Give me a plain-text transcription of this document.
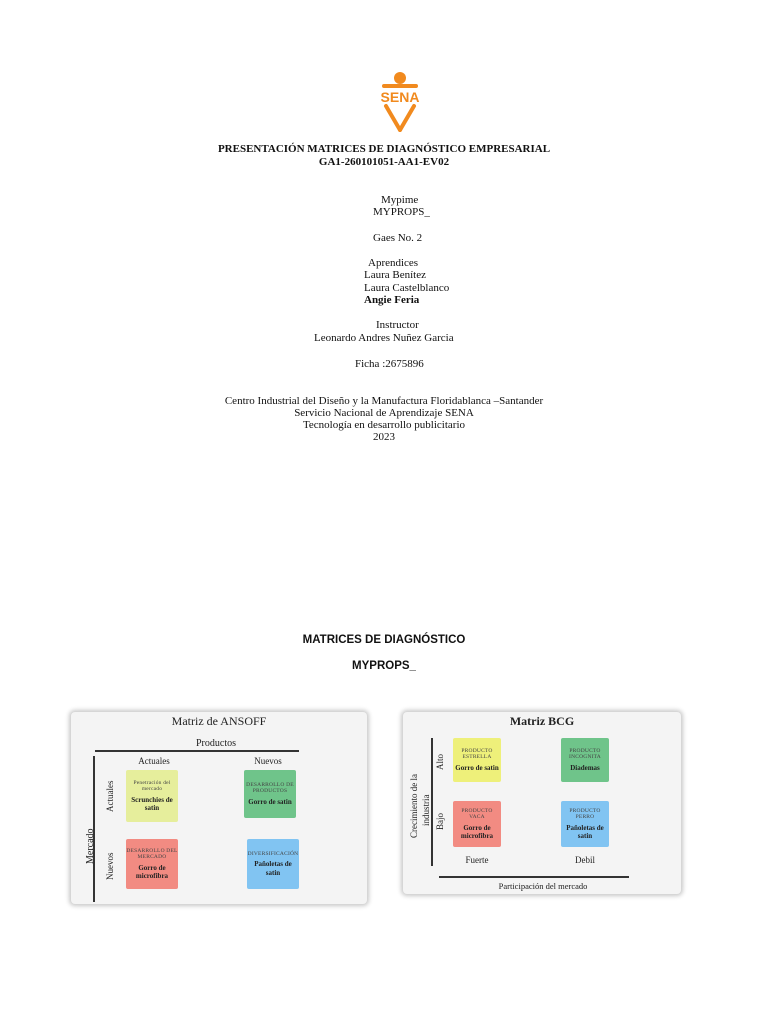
SENA
PRESENTACIÓN MATRICES DE DIAGNÓSTICO EMPRESARIAL
GA1-260101051-AA1-EV02
Mypime
MYPROPS_
Gaes No. 2
Aprendices
Laura Benítez
Laura Castelblanco
Angie Feria
Instructor
Leonardo Andres Nuñez Garcia
Ficha :2675896
Centro Industrial del Diseño y la Manufactura Floridablanca –Santander
Servicio Nacional de Aprendizaje SENA
Tecnología en desarrollo publicitario
2023
MATRICES DE DIAGNÓSTICO
MYPROPS_
Matriz de ANSOFF
Productos
Actuales	Nuevos
Mercado
Actuales
Nuevos
Penetración del mercado
Scrunchies de satin
DESARROLLO DE PRODUCTOS
Gorro de satin
DESARROLLO DEL MERCADO
Gorro de microfibra
DIVERSIFICACIÓN
Pañoletas de satin
Matriz BCG
Crecimiento de la industria
Alto
Bajo
PRODUCTO ESTRELLA
Gorro de satin
PRODUCTO INCOGNITA
Diademas
PRODUCTO VACA
Gorro de microfibra
PRODUCTO PERRO
Pañoletas de satin
Fuerte	Debil
Participación del mercado
